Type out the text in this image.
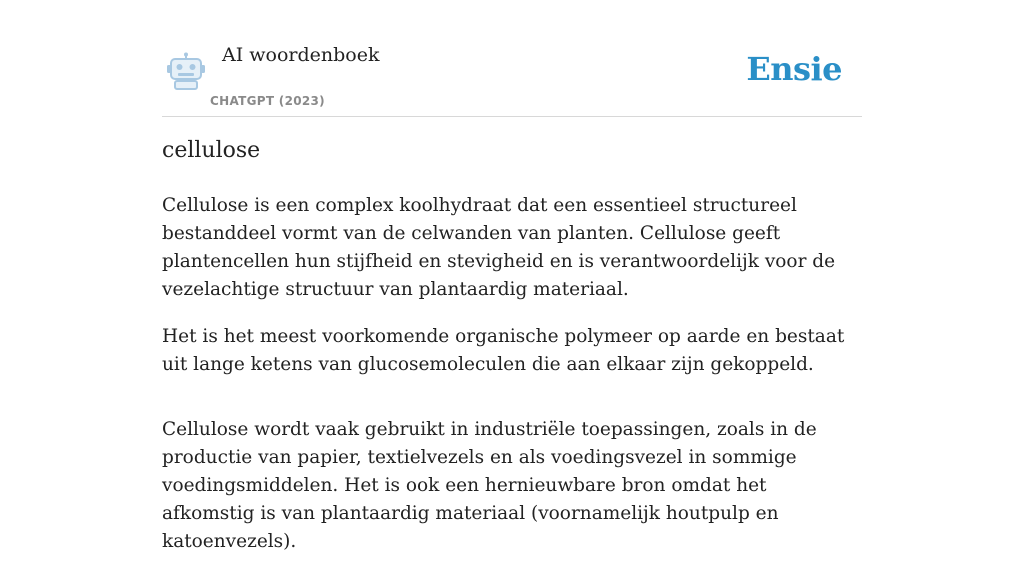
AI woordenboek
CHATGPT (2023)
Ensie
cellulose

Cellulose is een complex koolhydraat dat een essentieel structureel bestanddeel vormt van de celwanden van planten. Cellulose geeft plantencellen hun stijfheid en stevigheid en is verantwoordelijk voor de vezelachtige structuur van plantaardig materiaal.

Het is het meest voorkomende organische polymeer op aarde en bestaat uit lange ketens van glucosemoleculen die aan elkaar zijn gekoppeld.

Cellulose wordt vaak gebruikt in industriële toepassingen, zoals in de productie van papier, textielvezels en als voedingsvezel in sommige voedingsmiddelen. Het is ook een hernieuwbare bron omdat het afkomstig is van plantaardig materiaal (voornamelijk houtpulp en katoenvezels).
